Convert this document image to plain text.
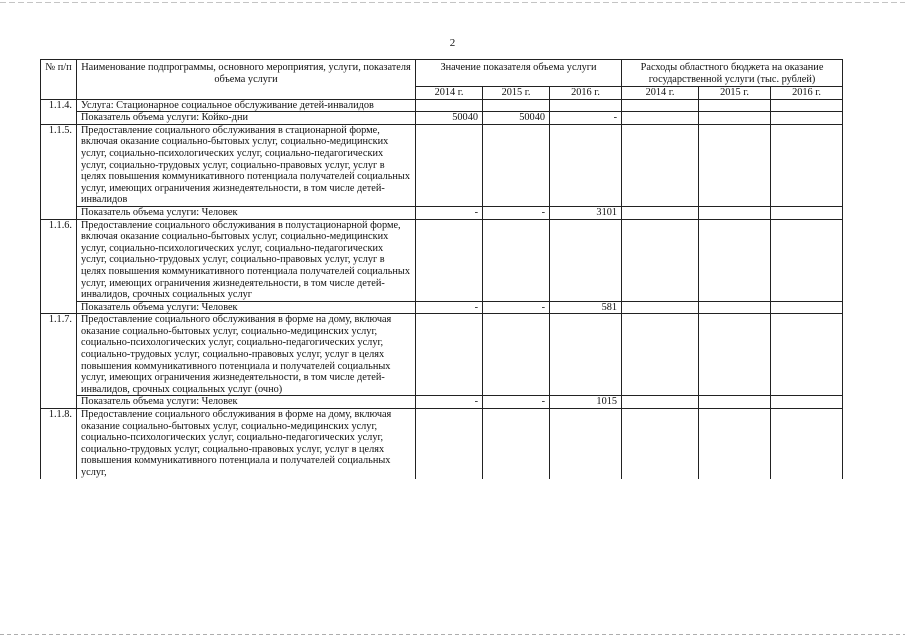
2
№ п/п	Наименование подпрограммы, основного мероприятия, услуги, показателя объема услуги	Значение показателя объема услуги			Расходы областного бюджета на оказание государственной услуги (тыс. рублей)		
		2014 г.	2015 г.	2016 г.	2014 г.	2015 г.	2016 г.
1.1.4.	Услуга: Стационарное социальное обслуживание детей-инвалидов						
	Показатель объема услуги: Койко-дни	50040	50040	-			
1.1.5.	Предоставление социального обслуживания в стационарной форме, включая оказание социально-бытовых услуг, социально-медицинских услуг, социально-психологических услуг, социально-педагогических услуг, социально-трудовых услуг, социально-правовых услуг, услуг в целях повышения коммуникативного потенциала получателей социальных услуг, имеющих ограничения жизнедеятельности, в том числе детей-инвалидов						
	Показатель объема услуги: Человек	-	-	3101			
1.1.6.	Предоставление социального обслуживания в полустационарной форме, включая оказание социально-бытовых услуг, социально-медицинских услуг, социально-психологических услуг, социально-педагогических услуг, социально-трудовых услуг, социально-правовых услуг, услуг в целях повышения коммуникативного потенциала получателей социальных услуг, имеющих ограничения жизнедеятельности, в том числе детей-инвалидов, срочных социальных услуг						
	Показатель объема услуги: Человек	-	-	581			
1.1.7.	Предоставление социального обслуживания в форме на дому, включая оказание социально-бытовых услуг, социально-медицинских услуг, социально-психологических услуг, социально-педагогических услуг, социально-трудовых услуг, социально-правовых услуг, услуг в целях повышения коммуникативного потенциала и получателей социальных услуг, имеющих ограничения жизнедеятельности, в том числе детей-инвалидов, срочных социальных услуг (очно)						
	Показатель объема услуги: Человек	-	-	1015			
1.1.8.	Предоставление социального обслуживания в форме на дому, включая оказание социально-бытовых услуг, социально-медицинских услуг, социально-психологических услуг, социально-педагогических услуг, социально-трудовых услуг, социально-правовых услуг, услуг в целях повышения коммуникативного потенциала и получателей социальных услуг,						
